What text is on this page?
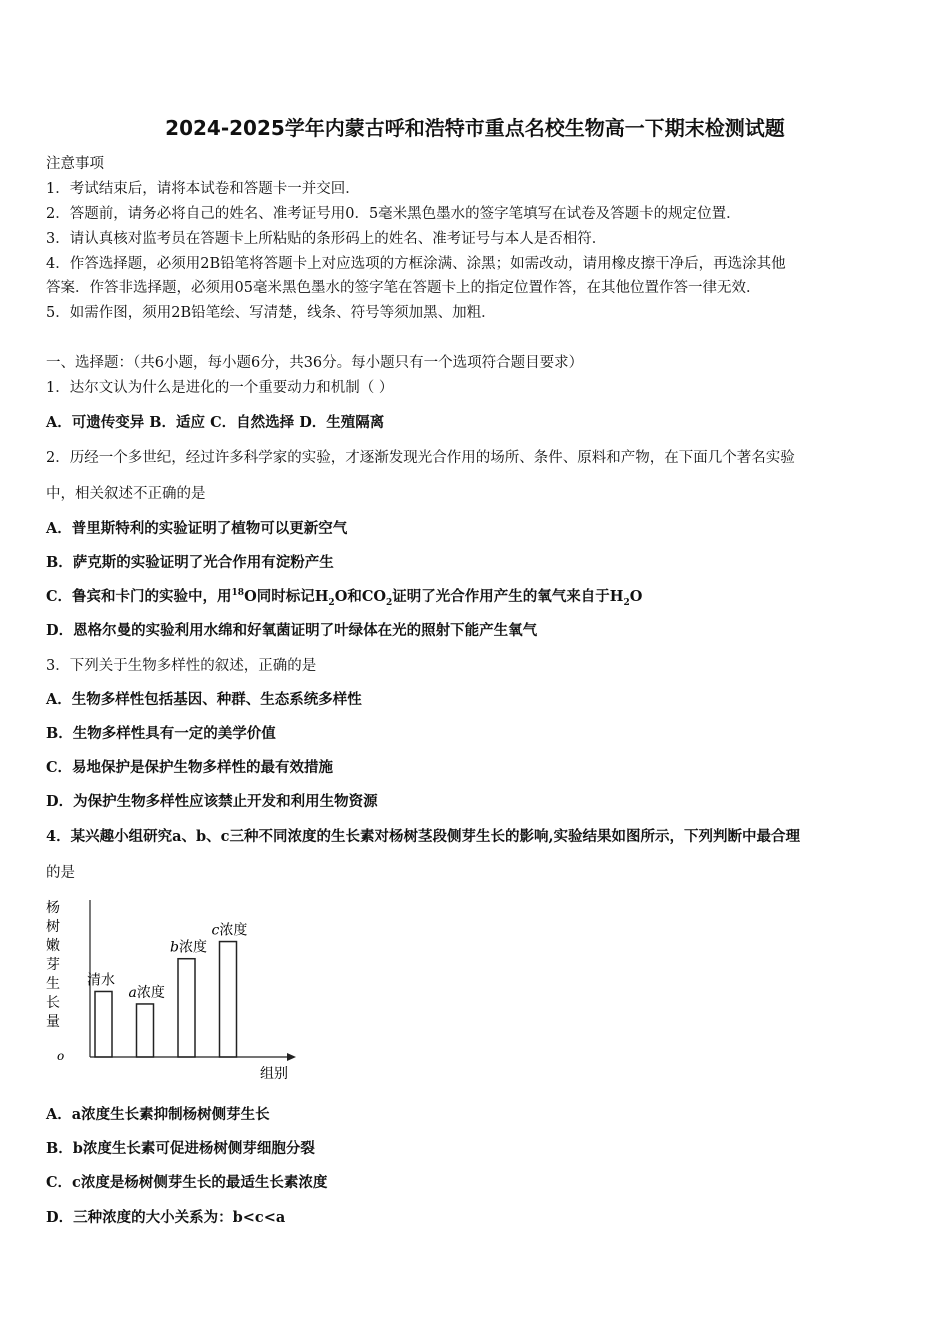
2024-2025学年内蒙古呼和浩特市重点名校生物高一下期末检测试题
注意事项
1．考试结束后，请将本试卷和答题卡一并交回．
2．答题前，请务必将自己的姓名、准考证号用0．5毫米黑色墨水的签字笔填写在试卷及答题卡的规定位置．
3．请认真核对监考员在答题卡上所粘贴的条形码上的姓名、准考证号与本人是否相符．
4．作答选择题，必须用2B铅笔将答题卡上对应选项的方框涂满、涂黑；如需改动，请用橡皮擦干净后，再选涂其他
答案．作答非选择题，必须用05毫米黑色墨水的签字笔在答题卡上的指定位置作答，在其他位置作答一律无效．
5．如需作图，须用2B铅笔绘、写清楚，线条、符号等须加黑、加粗．
一、选择题：（共6小题，每小题6分，共36分。每小题只有一个选项符合题目要求）
1．达尔文认为什么是进化的一个重要动力和机制（ ）
A．可遗传变异 B．适应 C．自然选择 D．生殖隔离
2．历经一个多世纪，经过许多科学家的实验，才逐渐发现光合作用的场所、条件、原料和产物，在下面几个著名实验
中，相关叙述不正确的是
A．普里斯特利的实验证明了植物可以更新空气
B．萨克斯的实验证明了光合作用有淀粉产生
C．鲁宾和卡门的实验中，用$^{18}$O同时标记$H_2O$和$CO_2$证明了光合作用产生的氧气来自于$H_2O$
D．恩格尔曼的实验利用水绵和好氧菌证明了叶绿体在光的照射下能产生氧气
3．下列关于生物多样性的叙述，正确的是
A．生物多样性包括基因、种群、生态系统多样性
B．生物多样性具有一定的美学价值
C．易地保护是保护生物多样性的最有效措施
D．为保护生物多样性应该禁止开发和利用生物资源
4．某兴趣小组研究a、b、c三种不同浓度的生长素对杨树茎段侧芽生长的影响,实验结果如图所示，下列判断中最合理
的是
杨
树
嫩
芽
生
长
量
o
组别
清水
a浓度
b浓度
c浓度
A．a浓度生长素抑制杨树侧芽生长
B．b浓度生长素可促进杨树侧芽细胞分裂
C．c浓度是杨树侧芽生长的最适生长素浓度
D．三种浓度的大小关系为：b<c<a
